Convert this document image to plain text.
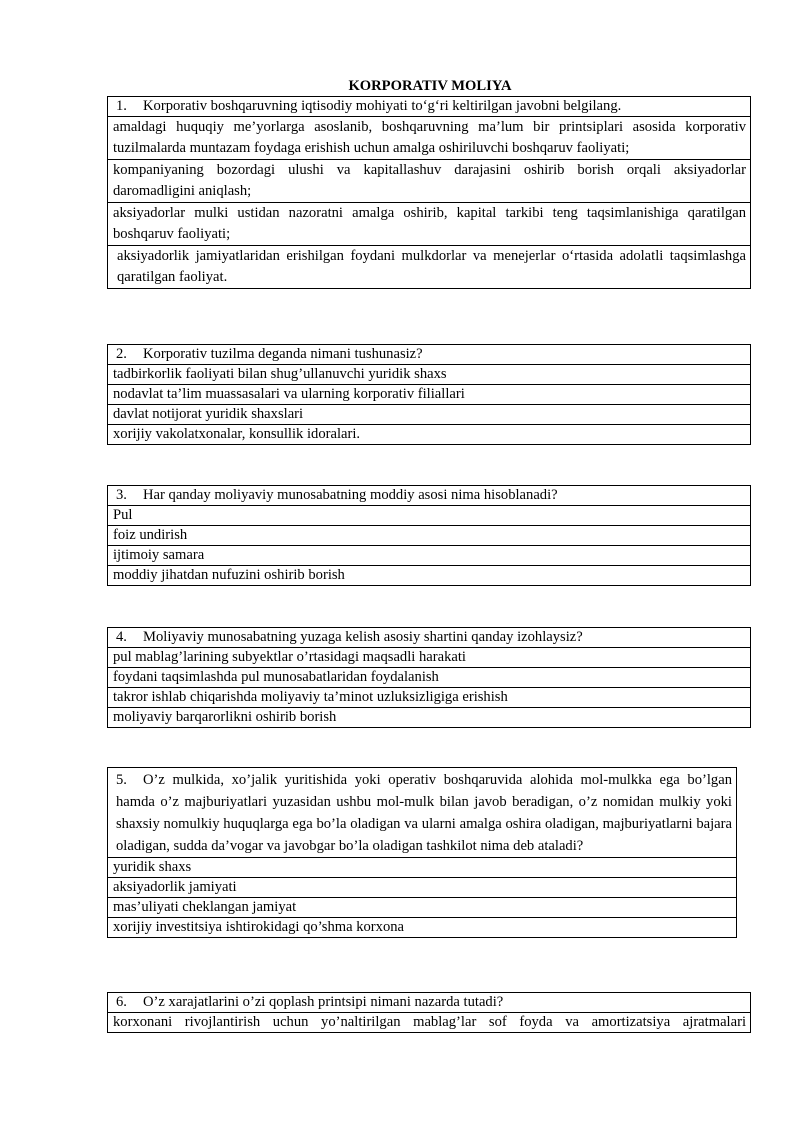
KORPORATIV MOLIYA
1. Korporativ boshqaruvning iqtisodiy mohiyati to‘g‘ri keltirilgan javobni belgilang.
amaldagi huquqiy me’yorlarga asoslanib, boshqaruvning ma’lum bir printsiplari asosida korporativ tuzilmalarda muntazam foydaga erishish uchun amalga oshiriluvchi boshqaruv faoliyati;
kompaniyaning bozordagi ulushi va kapitallashuv darajasini oshirib borish orqali aksiyadorlar daromadligini aniqlash;
aksiyadorlar mulki ustidan nazoratni amalga oshirib, kapital tarkibi teng taqsimlanishiga qaratilgan boshqaruv faoliyati;
aksiyadorlik jamiyatlaridan erishilgan foydani mulkdorlar va menejerlar o‘rtasida adolatli taqsimlashga qaratilgan faoliyat.
2. Korporativ tuzilma deganda nimani tushunasiz?
tadbirkorlik faoliyati bilan shug’ullanuvchi yuridik shaxs
nodavlat ta’lim muassasalari va ularning korporativ filiallari
davlat notijorat yuridik shaxslari
xorijiy vakolatxonalar, konsullik idoralari.
3. Har qanday moliyaviy munosabatning moddiy asosi nima hisoblanadi?
Pul
foiz undirish
ijtimoiy samara
moddiy jihatdan nufuzini oshirib borish
4. Moliyaviy munosabatning yuzaga kelish asosiy shartini qanday izohlaysiz?
pul mablag’larining subyektlar o’rtasidagi maqsadli harakati
foydani taqsimlashda pul munosabatlaridan foydalanish
takror ishlab chiqarishda moliyaviy ta’minot uzluksizligiga erishish
moliyaviy barqarorlikni oshirib borish
5. O’z mulkida, xo’jalik yuritishida yoki operativ boshqaruvida alohida mol-mulkka ega bo’lgan hamda o’z majburiyatlari yuzasidan ushbu mol-mulk bilan javob beradigan, o’z nomidan mulkiy yoki shaxsiy nomulkiy huquqlarga ega bo’la oladigan va ularni amalga oshira oladigan, majburiyatlarni bajara oladigan, sudda da’vogar va javobgar bo’la oladigan tashkilot nima deb ataladi?
yuridik shaxs
aksiyadorlik jamiyati
mas’uliyati cheklangan jamiyat
xorijiy investitsiya ishtirokidagi qo’shma korxona
6. O’z xarajatlarini o’zi qoplash printsipi nimani nazarda tutadi?
korxonani rivojlantirish uchun yo’naltirilgan mablag’lar sof foyda va amortizatsiya ajratmalari
